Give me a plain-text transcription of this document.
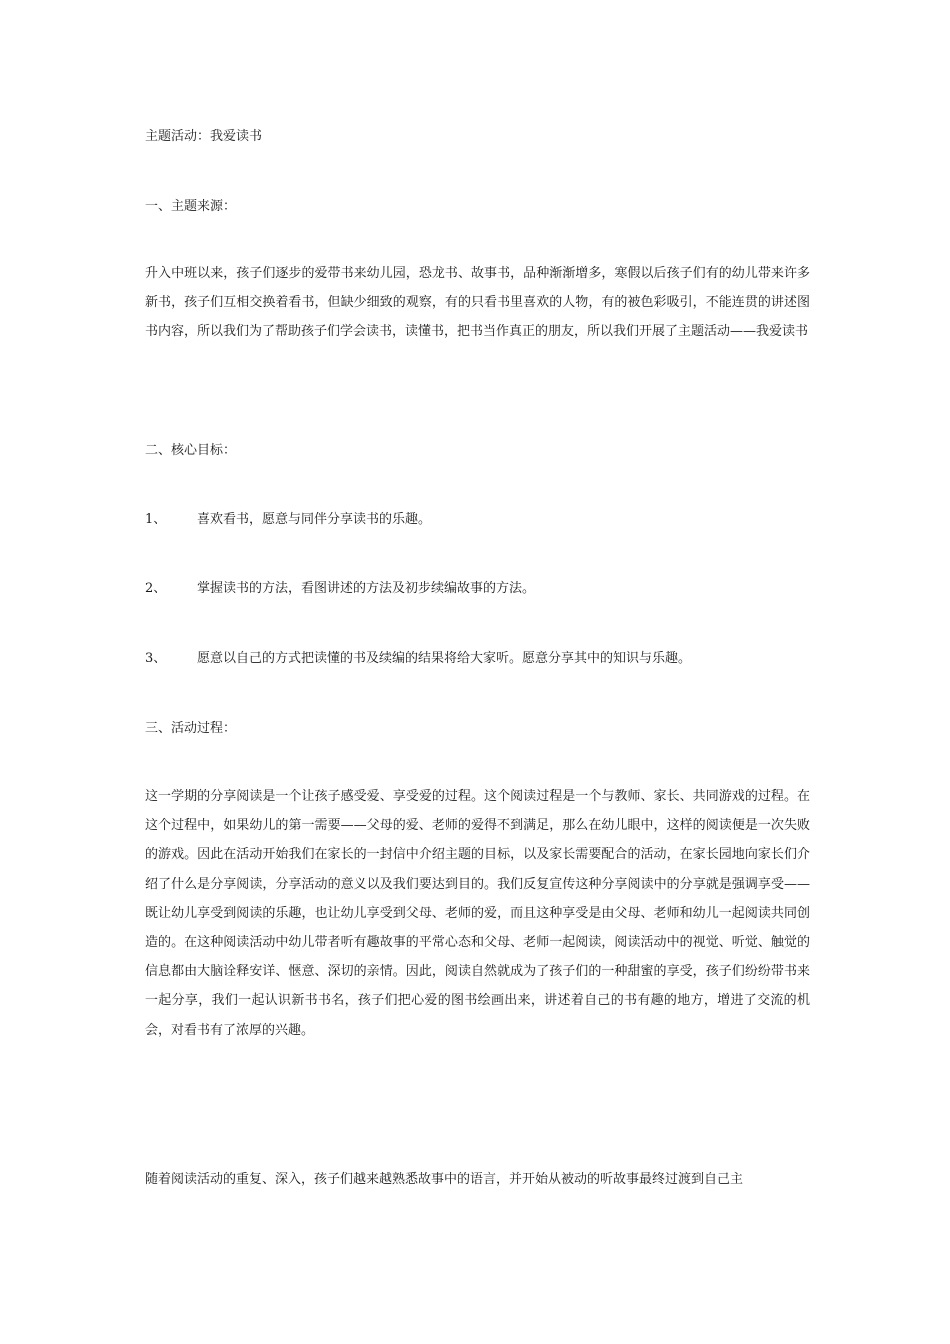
主题活动：我爱读书

一、主题来源：

升入中班以来，孩子们逐步的爱带书来幼儿园，恐龙书、故事书，品种渐渐增多，寒假以后孩子们有的幼儿带来许多新书，孩子们互相交换着看书，但缺少细致的观察，有的只看书里喜欢的人物，有的被色彩吸引，不能连贯的讲述图书内容，所以我们为了帮助孩子们学会读书，读懂书，把书当作真正的朋友，所以我们开展了主题活动——我爱读书

二、核心目标：

1、 喜欢看书，愿意与同伴分享读书的乐趣。

2、 掌握读书的方法，看图讲述的方法及初步续编故事的方法。

3、 愿意以自己的方式把读懂的书及续编的结果将给大家听。愿意分享其中的知识与乐趣。

三、活动过程：

这一学期的分享阅读是一个让孩子感受爱、享受爱的过程。这个阅读过程是一个与教师、家长、共同游戏的过程。在这个过程中，如果幼儿的第一需要——父母的爱、老师的爱得不到满足，那么在幼儿眼中，这样的阅读便是一次失败的游戏。因此在活动开始我们在家长的一封信中介绍主题的目标，以及家长需要配合的活动，在家长园地向家长们介绍了什么是分享阅读，分享活动的意义以及我们要达到目的。我们反复宣传这种分享阅读中的分享就是强调享受——既让幼儿享受到阅读的乐趣，也让幼儿享受到父母、老师的爱，而且这种享受是由父母、老师和幼儿一起阅读共同创造的。在这种阅读活动中幼儿带者听有趣故事的平常心态和父母、老师一起阅读，阅读活动中的视觉、听觉、触觉的信息都由大脑诠释安详、惬意、深切的亲情。因此，阅读自然就成为了孩子们的一种甜蜜的享受，孩子们纷纷带书来一起分享，我们一起认识新书书名，孩子们把心爱的图书绘画出来，讲述着自己的书有趣的地方，增进了交流的机会，对看书有了浓厚的兴趣。

随着阅读活动的重复、深入，孩子们越来越熟悉故事中的语言，并开始从被动的听故事最终过渡到自己主
